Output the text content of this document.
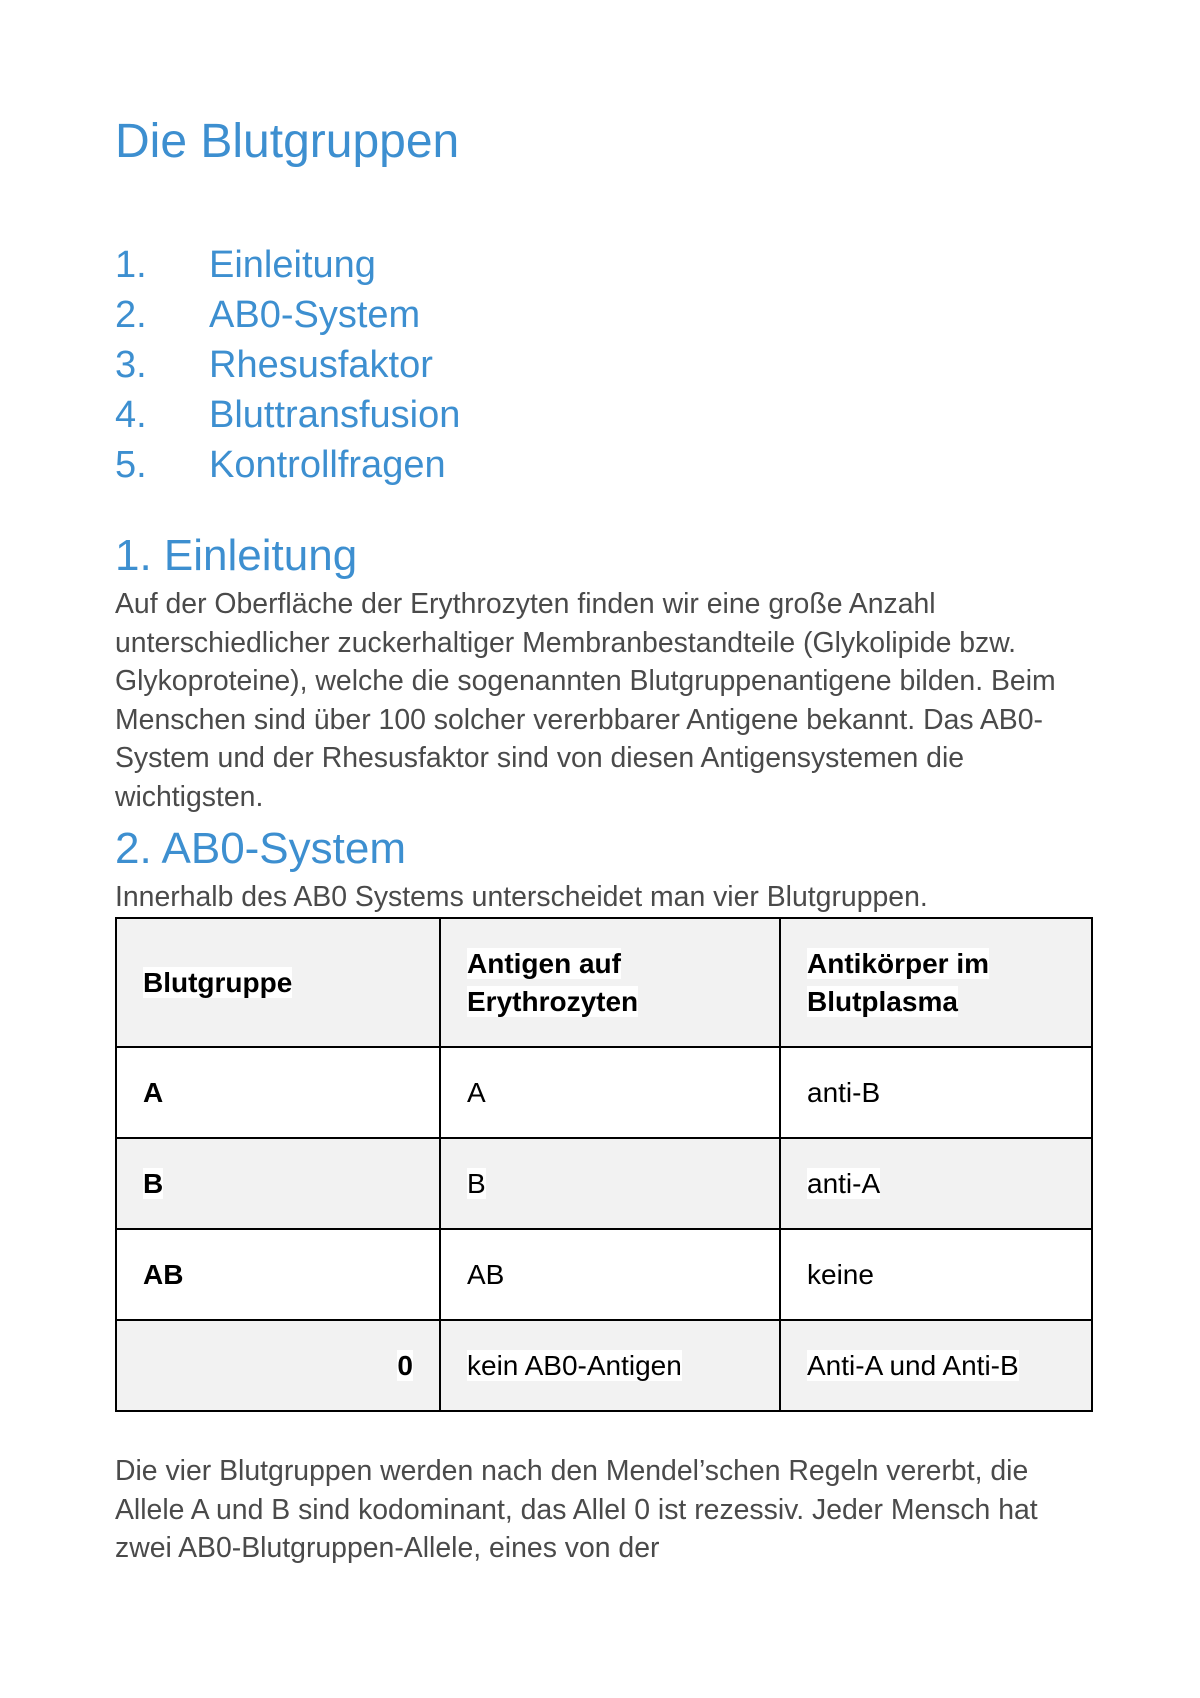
Die Blutgruppen
1.	Einleitung
2.	AB0-System
3.	Rhesusfaktor
4.	Bluttransfusion
5.	Kontrollfragen
1. Einleitung

Auf der Oberfläche der Erythrozyten finden wir eine große Anzahl unterschiedlicher zuckerhaltiger Membranbestandteile (Glykolipide bzw. Glykoproteine), welche die sogenannten Blutgruppenantigene bilden. Beim Menschen sind über 100 solcher vererbbarer Antigene bekannt. Das AB0-System und der Rhesusfaktor sind von diesen Antigensystemen die wichtigsten.

2. AB0-System

Innerhalb des AB0 Systems unterscheidet man vier Blutgruppen.

Blutgruppe	Antigen auf Erythrozyten	Antikörper im Blutplasma
A	A	anti-B
B	B	anti-A
AB	AB	keine
0	kein AB0-Antigen	Anti-A und Anti-B

Die vier Blutgruppen werden nach den Mendel’schen Regeln vererbt, die Allele A und B sind kodominant, das Allel 0 ist rezessiv. Jeder Mensch hat zwei AB0-Blutgruppen-Allele, eines von der
